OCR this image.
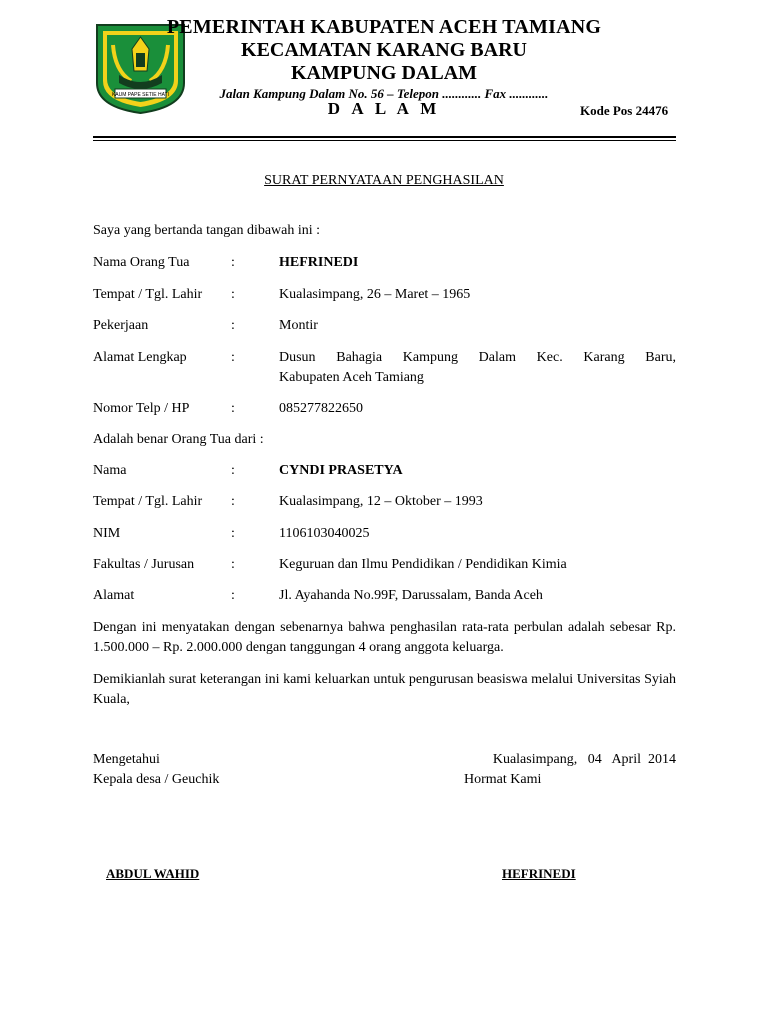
KAUM PAPE SETIE HATI
PEMERINTAH KABUPATEN ACEH TAMIANG
KECAMATAN KARANG BARU
KAMPUNG DALAM
Jalan Kampung Dalam No. 56 – Telepon ............ Fax ............
D A L A M	Kode Pos 24476
SURAT PERNYATAAN PENGHASILAN
Saya yang bertanda tangan dibawah ini :
Nama Orang Tua	:	HEFRINEDI
Tempat / Tgl. Lahir :	Kualasimpang, 26 – Maret – 1965
Pekerjaan	:	Montir
Alamat Lengkap	:	Dusun Bahagia Kampung Dalam Kec. Karang Baru,
Kabupaten Aceh Tamiang
Nomor Telp / HP	:	085277822650
Adalah benar Orang Tua dari :
Nama	:	CYNDI PRASETYA
Tempat / Tgl. Lahir :	Kualasimpang, 12 – Oktober – 1993
NIM	:	1106103040025
Fakultas / Jurusan	:	Keguruan dan Ilmu Pendidikan / Pendidikan Kimia
Alamat	:	Jl. Ayahanda No.99F, Darussalam, Banda Aceh
Dengan ini menyatakan dengan sebenarnya bahwa penghasilan rata-rata perbulan adalah sebesar Rp. 1.500.000 – Rp. 2.000.000 dengan tanggungan 4 orang anggota keluarga.
Demikianlah surat keterangan ini kami keluarkan untuk pengurusan beasiswa melalui Universitas Syiah Kuala,
Mengetahui
Kepala desa / Geuchik
Kualasimpang,   04   April  2014
Hormat Kami
ABDUL WAHID	HEFRINEDI
